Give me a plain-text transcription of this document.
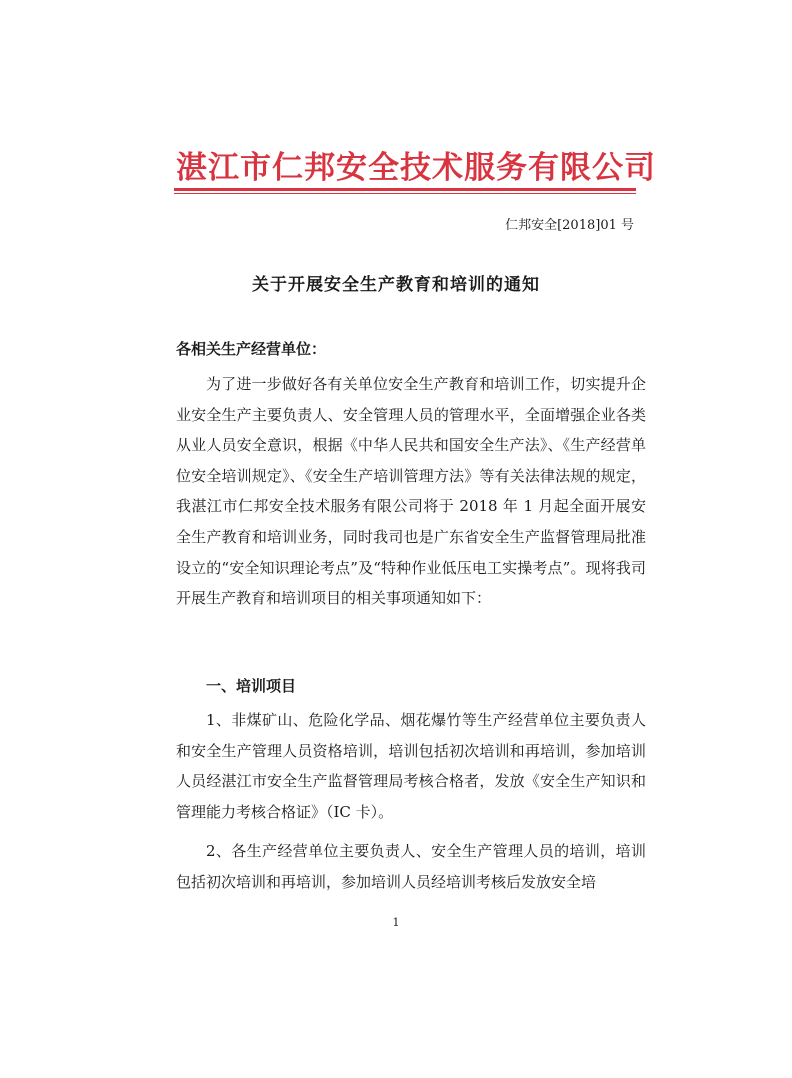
湛江市仁邦安全技术服务有限公司
仁邦安全[2018]01 号
关于开展安全生产教育和培训的通知
各相关生产经营单位：

为了进一步做好各有关单位安全生产教育和培训工作，切实提升企业安全生产主要负责人、安全管理人员的管理水平，全面增强企业各类从业人员安全意识，根据《中华人民共和国安全生产法》、《生产经营单位安全培训规定》、《安全生产培训管理方法》等有关法律法规的规定，我湛江市仁邦安全技术服务有限公司将于 2018 年 1 月起全面开展安全生产教育和培训业务，同时我司也是广东省安全生产监督管理局批准设立的“安全知识理论考点”及“特种作业低压电工实操考点”。现将我司开展生产教育和培训项目的相关事项通知如下：

一、培训项目

1、非煤矿山、危险化学品、烟花爆竹等生产经营单位主要负责人和安全生产管理人员资格培训，培训包括初次培训和再培训，参加培训人员经湛江市安全生产监督管理局考核合格者，发放《安全生产知识和管理能力考核合格证》（IC 卡）。

2、各生产经营单位主要负责人、安全生产管理人员的培训，培训包括初次培训和再培训，参加培训人员经培训考核后发放安全培

1
